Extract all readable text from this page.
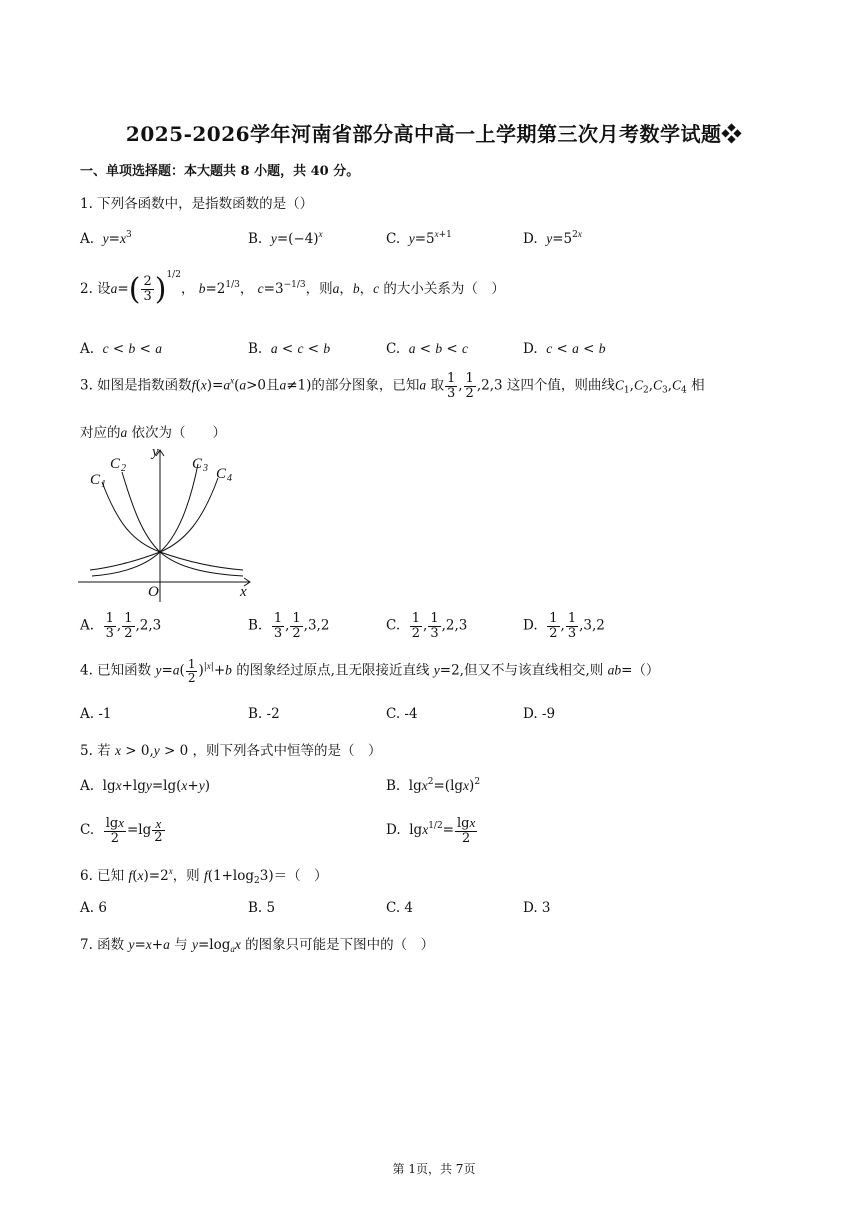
2025-2026学年河南省部分高中高一上学期第三次月考数学试题❖
一、单项选择题：本大题共 8 小题，共 40 分。
1. 下列各函数中，是指数函数的是（）
A. $y=x^3$	B. $y=(-4)^x$	C. $y=5^{x+1}$	D. $y=5^{2x}$
2. 设$a=( \frac{2}{3} )^{1/2}$， $b=2^{1/3}$， $c=3^{-1/3}$，则a，b，c 的大小关系为（　）
A. c < b < a	B. a < c < b	C. a < b < c	D. c < a < b
3. 如图是指数函数$f(x)=a^x(a>0$且a≠1)的部分图象，已知a 取 $\frac{1}{3}$ , $\frac{1}{2} ,2,3$ 这四个值，则曲线$C_1,C_2,C_3,C_4$ 相
对应的a 依次为（　　）
C 1
C 2	C 3 C 4
y
x
O
A. $\frac{1}{3}$ , $\frac{1}{2} ,2,3$	B. $\frac{1}{3}$ , $\frac{1}{2} ,3,2$	C. $\frac{1}{2}$ , $\frac{1}{3} ,2,3$	D. $\frac{1}{2}$ , $\frac{1}{3} ,3,2$
4. 已知函数 $y=a( \frac{1}{2} )^{|x|}+b$ 的图象经过原点,且无限接近直线 y=2,但又不与该直线相交,则 ab=（）
A. -1	B. -2	C. -4	D. -9
5. 若 x > 0,y > 0 ，则下列各式中恒等的是（　）
A.  lgx+lgy=lg(x+y)	B.  $\lg x^2=(\lg x)^2$
C. $\frac{\lg x}{2} =\lg \frac{x}{2}$	D.  $\lg x^{1/2}= \frac{\lg x}{2}$
6. 已知 $f(x)=2^x$，则 $f(1+\log_23)=$（　）
A. 6	B. 5	C. 4	D. 3
7. 函数 y=x+a 与 $y=\log_ax$ 的图象只可能是下图中的（　）
第 1页，共 7页
